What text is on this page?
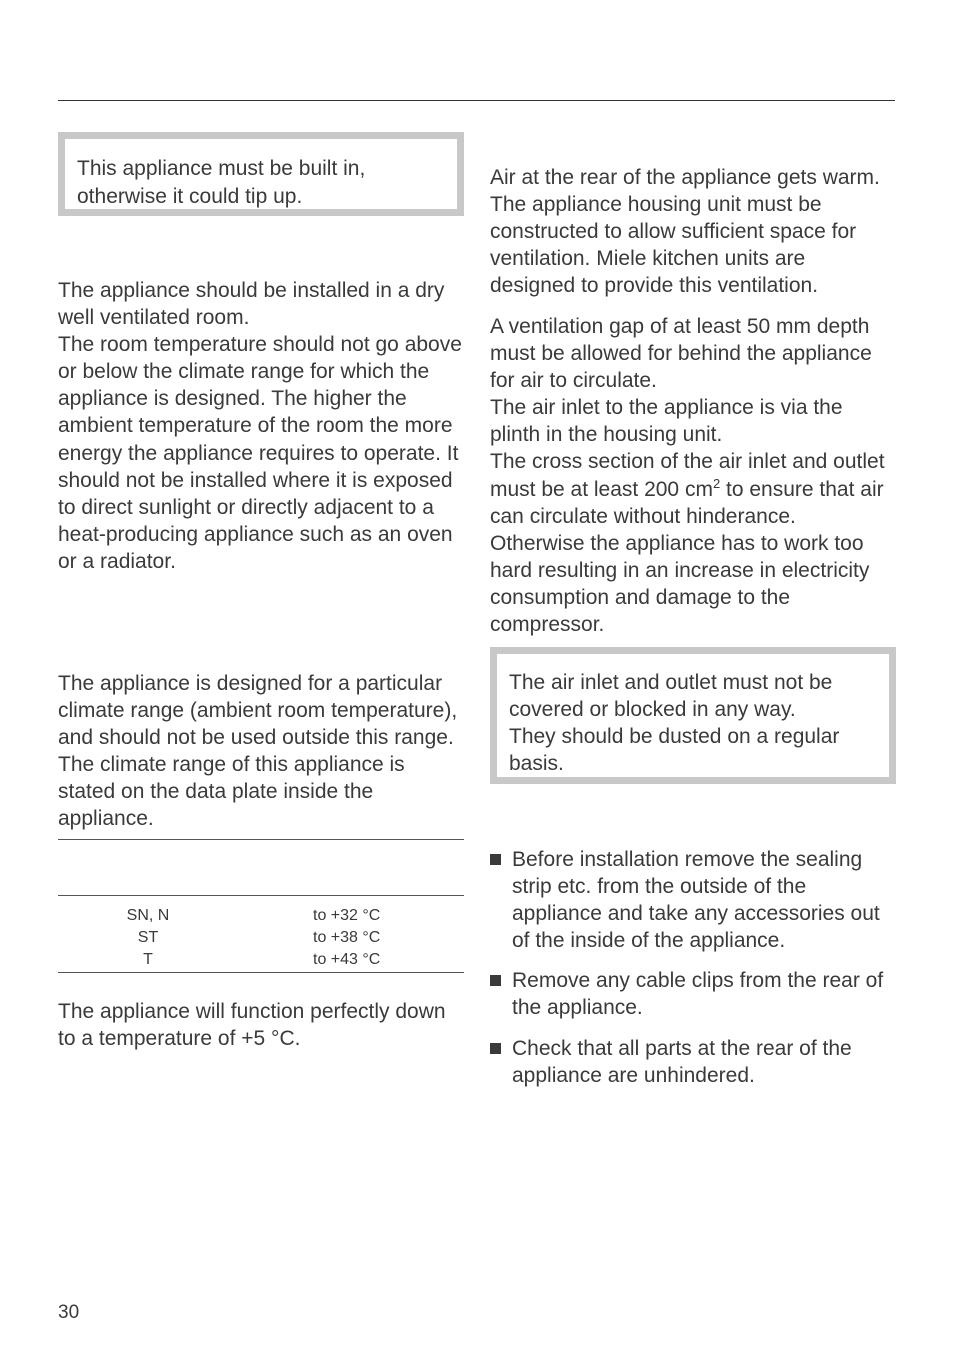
This appliance must be built in,

otherwise it could tip up.

The appliance should be installed in a dry well ventilated room.
The room temperature should not go above or below the climate range for which the appliance is designed. The higher the ambient temperature of the room the more energy the appliance requires to operate. It should not be installed where it is exposed to direct sunlight or directly adjacent to a heat-producing appliance such as an oven or a radiator.

The appliance is designed for a particular climate range (ambient room temperature), and should not be used outside this range. The climate range of this appliance is stated on the data plate inside the appliance.

SN, N	to +32 °C
ST	to +38 °C
T	to +43 °C

The appliance will function perfectly down to a temperature of +5 °C.

Air at the rear of the appliance gets warm. The appliance housing unit must be constructed to allow sufficient space for ventilation. Miele kitchen units are designed to provide this ventilation.

A ventilation gap of at least 50 mm depth must be allowed for behind the appliance for air to circulate.
The air inlet to the appliance is via the plinth in the housing unit.
The cross section of the air inlet and outlet must be at least 200 $cm^2$ to ensure that air can circulate without hinderance. Otherwise the appliance has to work too hard resulting in an increase in electricity consumption and damage to the compressor.

The air inlet and outlet must not be covered or blocked in any way.
They should be dusted on a regular basis.

Before installation remove the sealing strip etc. from the outside of the appliance and take any accessories out of the inside of the appliance.

Remove any cable clips from the rear of the appliance.

Check that all parts at the rear of the appliance are unhindered.

30
